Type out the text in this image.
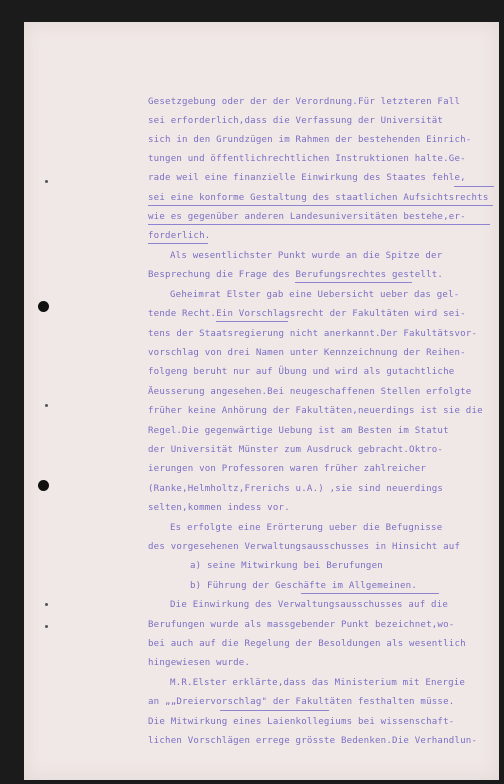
Gesetzgebung oder der der Verordnung.Für letzteren Fall
sei erforderlich,dass die Verfassung der Universität
sich in den Grundzügen im Rahmen der bestehenden Einrich-
tungen und öffentlichrechtlichen Instruktionen halte.Ge-
rade weil eine finanzielle Einwirkung des Staates fehle,
sei eine konforme Gestaltung des staatlichen Aufsichtsrechts
wie es gegenüber anderen Landesuniversitäten bestehe,er-
forderlich.
Als wesentlichster Punkt wurde an die Spitze der
Besprechung die Frage des Berufungsrechtes gestellt.
Geheimrat Elster gab eine Uebersicht ueber das gel-
tende Recht.Ein Vorschlagsrecht der Fakultäten wird sei-
tens der Staatsregierung nicht anerkannt.Der Fakultätsvor-
vorschlag von drei Namen unter Kennzeichnung der Reihen-
folgeng beruht nur auf Übung und wird als gutachtliche
Äeusserung angesehen.Bei neugeschaffenen Stellen erfolgte
früher keine Anhörung der Fakultäten,neuerdings ist sie die
Regel.Die gegenwärtige Uebung ist am Besten im Statut
der Universität Münster zum Ausdruck gebracht.Oktro-
ierungen von Professoren waren früher zahlreicher
(Ranke,Helmholtz,Frerichs u.A.) ,sie sind neuerdings
selten,kommen indess vor.
Es erfolgte eine Erörterung ueber die Befugnisse
des vorgesehenen Verwaltungsausschusses in Hinsicht auf
a) seine Mitwirkung bei Berufungen
b) Führung der Geschäfte im Allgemeinen.
Die Einwirkung des Verwaltungsausschusses auf die
Berufungen wurde als massgebender Punkt bezeichnet,wo-
bei auch auf die Regelung der Besoldungen als wesentlich
hingewiesen wurde.
M.R.Elster erklärte,dass das Ministerium mit Energie
an „„Dreiervorschlag" der Fakultäten festhalten müsse.
Die Mitwirkung eines Laienkollegiums bei wissenschaft-
lichen Vorschlägen errege grösste Bedenken.Die Verhandlun-
